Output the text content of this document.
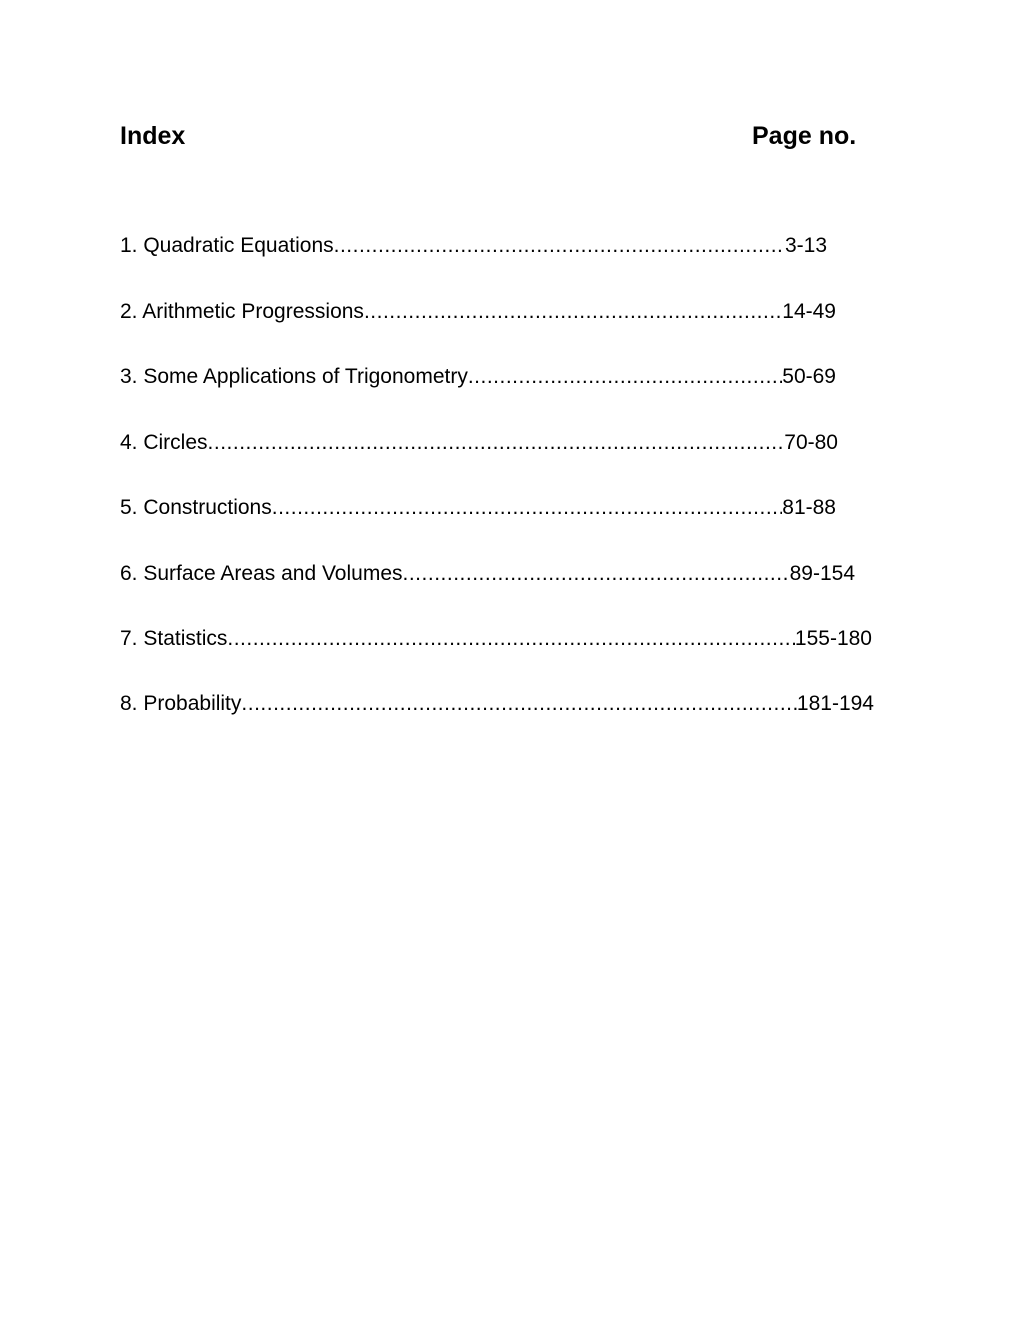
Index	Page no.
1. Quadratic Equations .....	3-13
2. Arithmetic Progressions .....	14-49
3. Some Applications of Trigonometry .....	50-69
4. Circles .....	70-80
5. Constructions .....	81-88
6. Surface Areas and Volumes .....	89-154
7. Statistics .....	155-180
8. Probability .....	181-194
